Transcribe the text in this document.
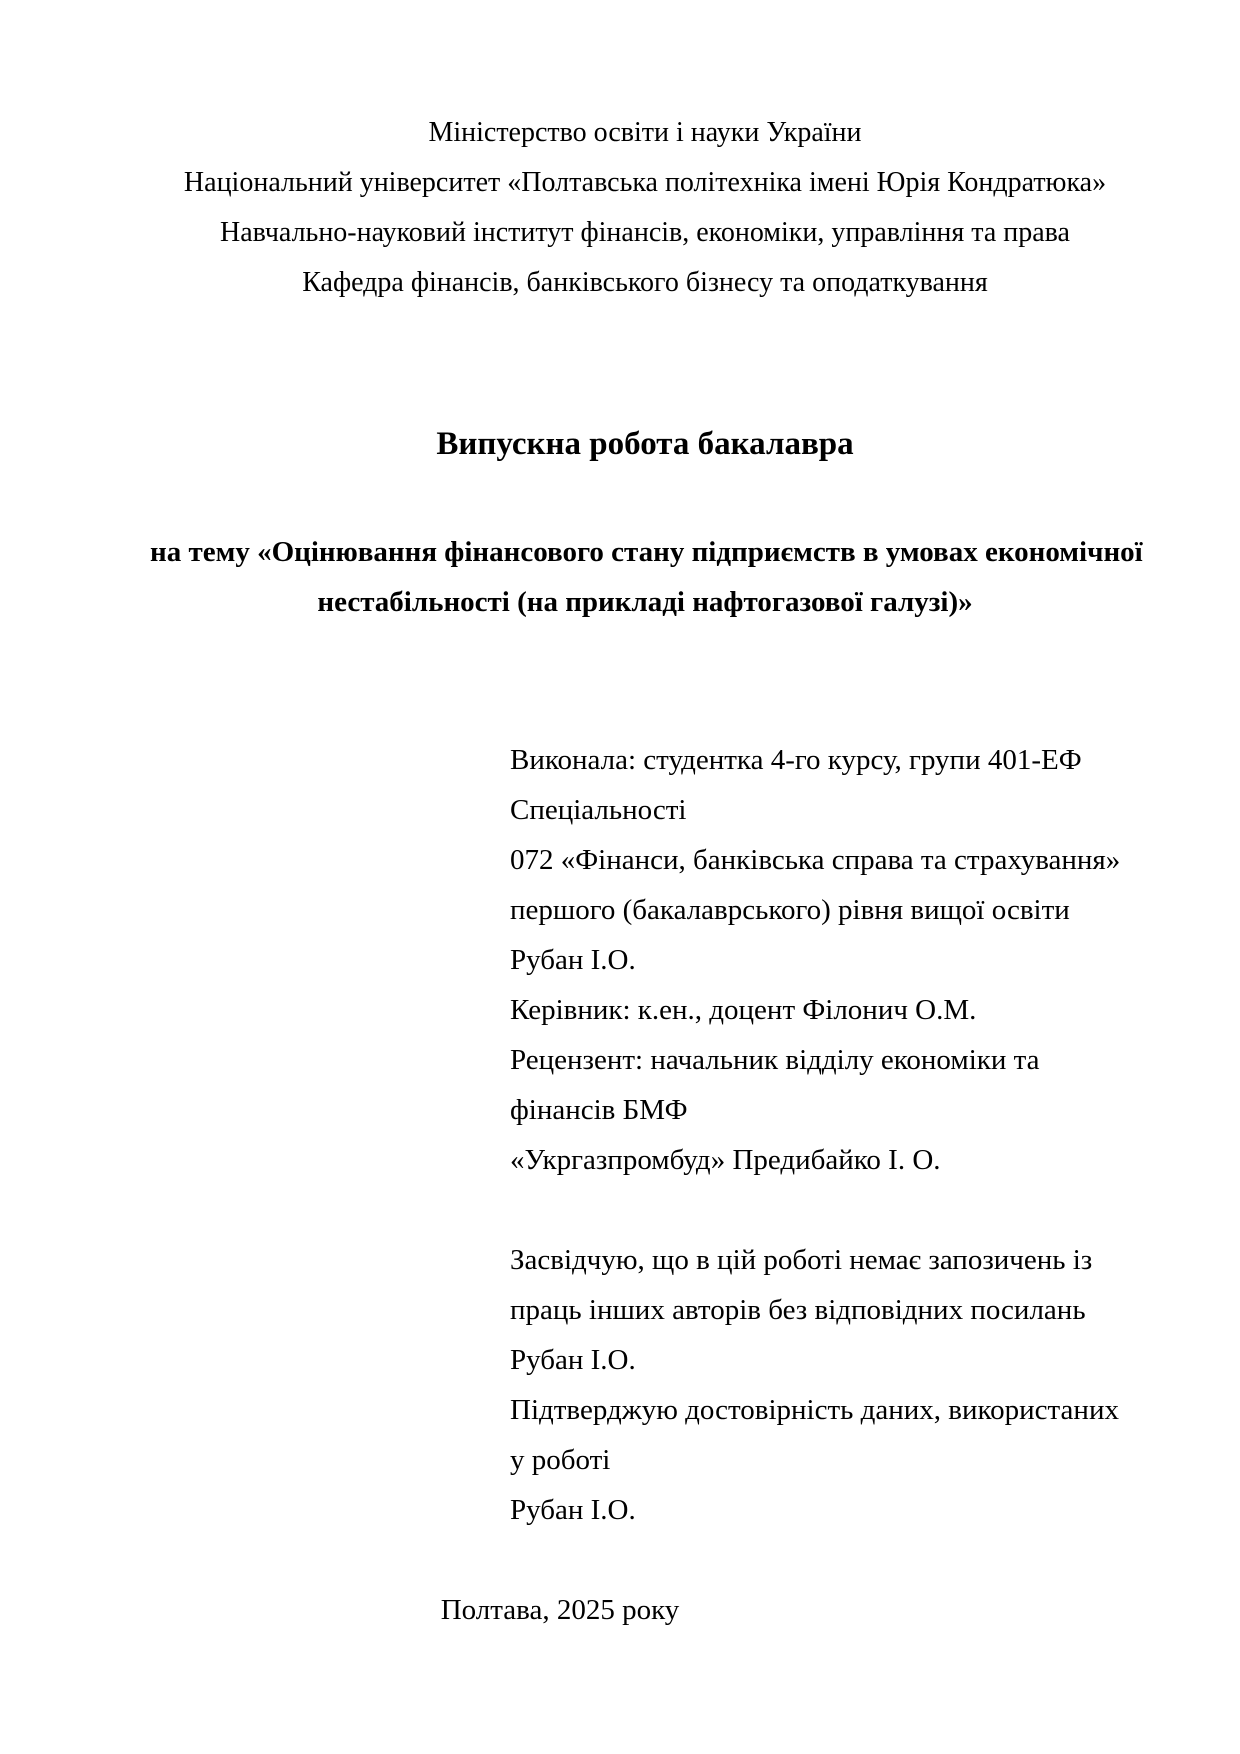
Міністерство освіти і науки України

Національний університет «Полтавська політехніка імені Юрія Кондратюка»

Навчально-науковий інститут фінансів, економіки, управління та права

Кафедра фінансів, банківського бізнесу та оподаткування

Випускна робота бакалавра

на тему «Оцінювання фінансового стану підприємств в умовах економічної

нестабільності (на прикладі нафтогазової галузі)»

Виконала: студентка 4-го курсу, групи 401-ЕФ

Спеціальності

072 «Фінанси, банківська справа та страхування»

першого (бакалаврського) рівня вищої освіти

Рубан І.О.

Керівник: к.ен., доцент Філонич О.М.

Рецензент: начальник відділу економіки та

фінансів БМФ

«Укргазпромбуд» Предибайко І. О.

Засвідчую, що в цій роботі немає запозичень із

праць інших авторів без відповідних посилань

Рубан І.О.

Підтверджую достовірність даних, використаних

у роботі

Рубан І.О.

Полтава, 2025 року
